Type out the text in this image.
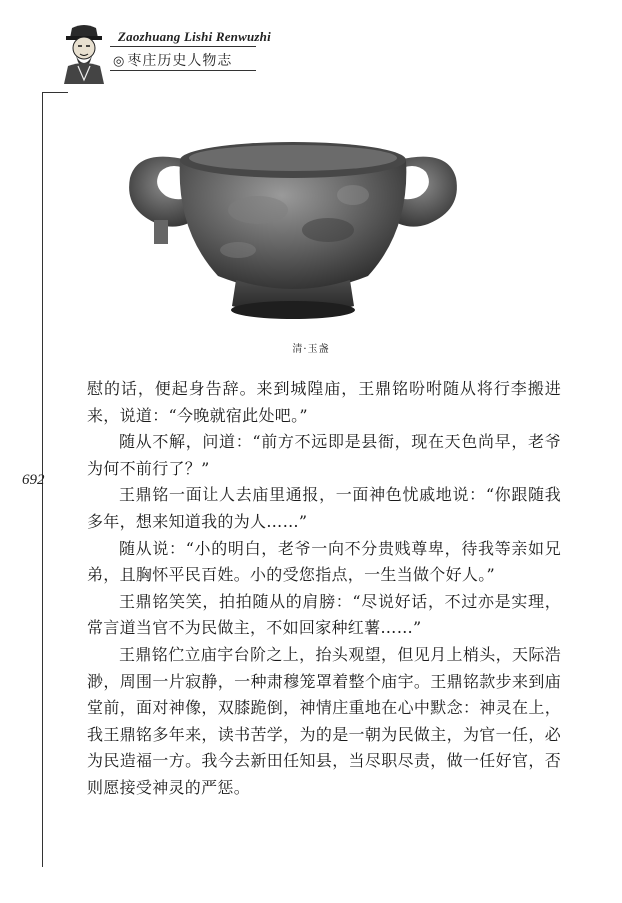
Zaozhuang Lishi Renwuzhi
◎ 枣庄历史人物志
692
清·玉盏

慰的话，便起身告辞。来到城隍庙，王鼎铭吩咐随从将行李搬进来，说道：“今晚就宿此处吧。”

随从不解，问道：“前方不远即是县衙，现在天色尚早，老爷为何不前行了？”

王鼎铭一面让人去庙里通报，一面神色忧戚地说：“你跟随我多年，想来知道我的为人……”

随从说：“小的明白，老爷一向不分贵贱尊卑，待我等亲如兄弟，且胸怀平民百姓。小的受您指点，一生当做个好人。”

王鼎铭笑笑，拍拍随从的肩膀：“尽说好话，不过亦是实理，常言道当官不为民做主，不如回家种红薯……”

王鼎铭伫立庙宇台阶之上，抬头观望，但见月上梢头，天际浩渺，周围一片寂静，一种肃穆笼罩着整个庙宇。王鼎铭款步来到庙堂前，面对神像，双膝跪倒，神情庄重地在心中默念：神灵在上，我王鼎铭多年来，读书苦学，为的是一朝为民做主，为官一任，必为民造福一方。我今去新田任知县，当尽职尽责，做一任好官，否则愿接受神灵的严惩。
